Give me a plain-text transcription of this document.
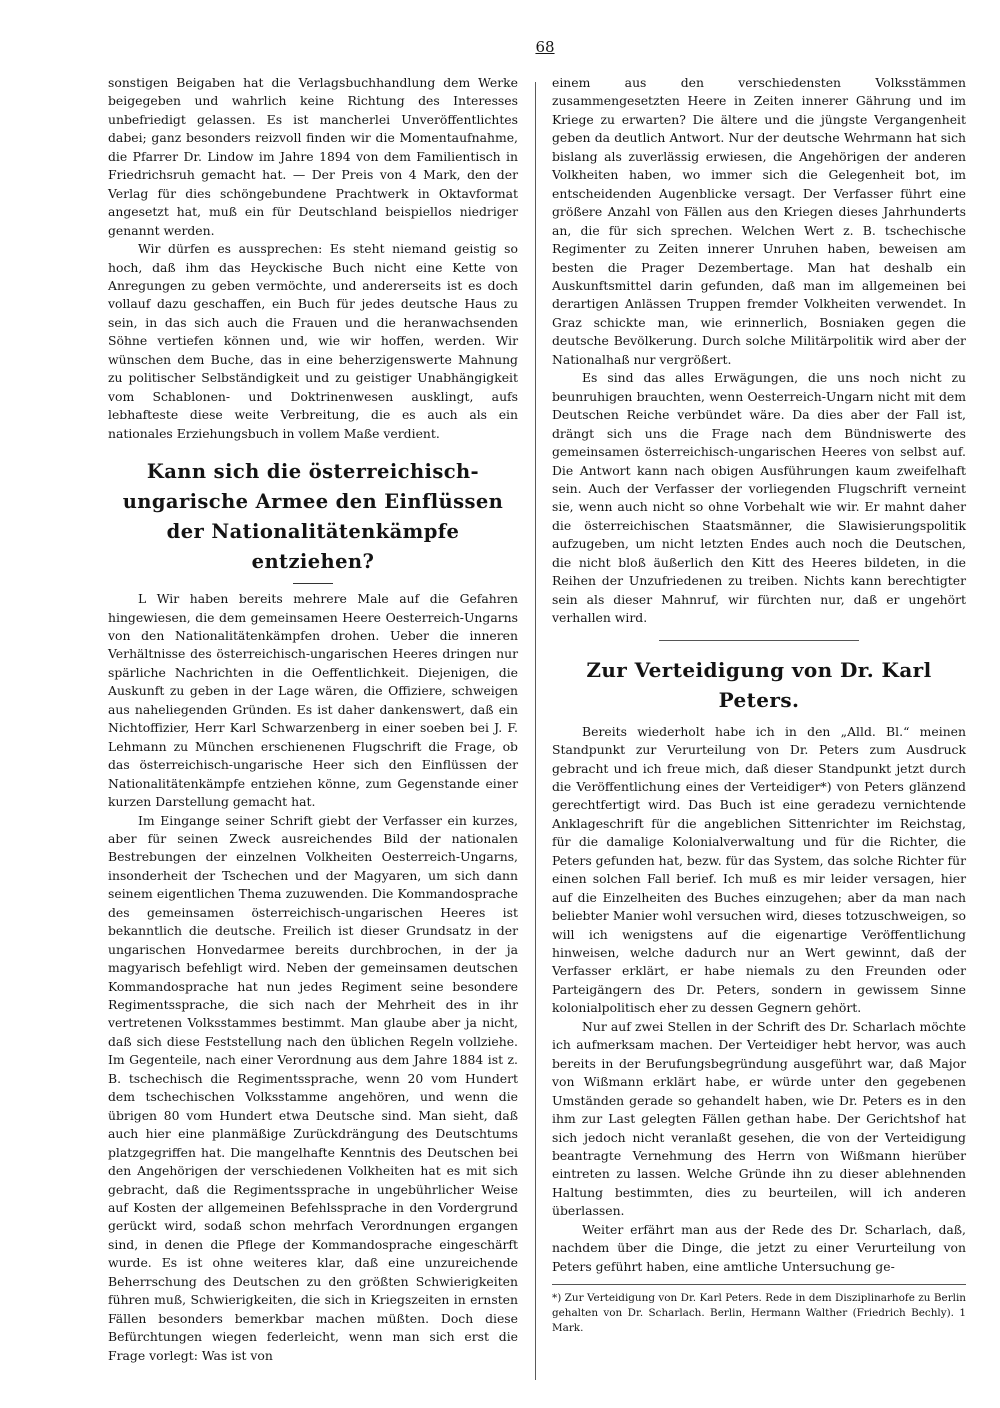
68

sonstigen Beigaben hat die Verlagsbuchhandlung dem Werke beigegeben und wahrlich keine Richtung des Interesses unbefriedigt gelassen. Es ist mancherlei Unveröffentlichtes dabei; ganz besonders reizvoll finden wir die Momentaufnahme, die Pfarrer Dr. Lindow im Jahre 1894 von dem Familientisch in Friedrichsruh gemacht hat. — Der Preis von 4 Mark, den der Verlag für dies schöngebundene Prachtwerk in Oktavformat angesetzt hat, muß ein für Deutschland beispiellos niedriger genannt werden.

Wir dürfen es aussprechen: Es steht niemand geistig so hoch, daß ihm das Heyckische Buch nicht eine Kette von Anregungen zu geben vermöchte, und andererseits ist es doch vollauf dazu geschaffen, ein Buch für jedes deutsche Haus zu sein, in das sich auch die Frauen und die heranwachsenden Söhne vertiefen können und, wie wir hoffen, werden. Wir wünschen dem Buche, das in eine beherzigenswerte Mahnung zu politischer Selbständigkeit und zu geistiger Unabhängigkeit vom Schablonen- und Doktrinenwesen ausklingt, aufs lebhafteste diese weite Verbreitung, die es auch als ein nationales Erziehungsbuch in vollem Maße verdient.

Kann sich die österreichisch-ungarische Armee den Einflüssen der Nationalitätenkämpfe entziehen?

L Wir haben bereits mehrere Male auf die Gefahren hingewiesen, die dem gemeinsamen Heere Oesterreich-Ungarns von den Nationalitätenkämpfen drohen. Ueber die inneren Verhältnisse des österreichisch-ungarischen Heeres dringen nur spärliche Nachrichten in die Oeffentlichkeit. Diejenigen, die Auskunft zu geben in der Lage wären, die Offiziere, schweigen aus naheliegenden Gründen. Es ist daher dankenswert, daß ein Nichtoffizier, Herr Karl Schwarzenberg in einer soeben bei J. F. Lehmann zu München erschienenen Flugschrift die Frage, ob das österreichisch-ungarische Heer sich den Einflüssen der Nationalitätenkämpfe entziehen könne, zum Gegenstande einer kurzen Darstellung gemacht hat.

Im Eingange seiner Schrift giebt der Verfasser ein kurzes, aber für seinen Zweck ausreichendes Bild der nationalen Bestrebungen der einzelnen Volkheiten Oesterreich-Ungarns, insonderheit der Tschechen und der Magyaren, um sich dann seinem eigentlichen Thema zuzuwenden. Die Kommandosprache des gemeinsamen österreichisch-ungarischen Heeres ist bekanntlich die deutsche. Freilich ist dieser Grundsatz in der ungarischen Honvedarmee bereits durchbrochen, in der ja magyarisch befehligt wird. Neben der gemeinsamen deutschen Kommandosprache hat nun jedes Regiment seine besondere Regimentssprache, die sich nach der Mehrheit des in ihr vertretenen Volksstammes bestimmt. Man glaube aber ja nicht, daß sich diese Feststellung nach den üblichen Regeln vollziehe. Im Gegenteile, nach einer Verordnung aus dem Jahre 1884 ist z. B. tschechisch die Regimentssprache, wenn 20 vom Hundert dem tschechischen Volksstamme angehören, und wenn die übrigen 80 vom Hundert etwa Deutsche sind. Man sieht, daß auch hier eine planmäßige Zurückdrängung des Deutschtums platzgegriffen hat. Die mangelhafte Kenntnis des Deutschen bei den Angehörigen der verschiedenen Volkheiten hat es mit sich gebracht, daß die Regimentssprache in ungebührlicher Weise auf Kosten der allgemeinen Befehlssprache in den Vordergrund gerückt wird, sodaß schon mehrfach Verordnungen ergangen sind, in denen die Pflege der Kommandosprache eingeschärft wurde. Es ist ohne weiteres klar, daß eine unzureichende Beherrschung des Deutschen zu den größten Schwierigkeiten führen muß, Schwierigkeiten, die sich in Kriegszeiten in ernsten Fällen besonders bemerkbar machen müßten. Doch diese Befürchtungen wiegen federleicht, wenn man sich erst die Frage vorlegt: Was ist von

einem aus den verschiedensten Volksstämmen zusammengesetzten Heere in Zeiten innerer Gährung und im Kriege zu erwarten? Die ältere und die jüngste Vergangenheit geben da deutlich Antwort. Nur der deutsche Wehrmann hat sich bislang als zuverlässig erwiesen, die Angehörigen der anderen Volkheiten haben, wo immer sich die Gelegenheit bot, im entscheidenden Augenblicke versagt. Der Verfasser führt eine größere Anzahl von Fällen aus den Kriegen dieses Jahrhunderts an, die für sich sprechen. Welchen Wert z. B. tschechische Regimenter zu Zeiten innerer Unruhen haben, beweisen am besten die Prager Dezembertage. Man hat deshalb ein Auskunftsmittel darin gefunden, daß man im allgemeinen bei derartigen Anlässen Truppen fremder Volkheiten verwendet. In Graz schickte man, wie erinnerlich, Bosniaken gegen die deutsche Bevölkerung. Durch solche Militärpolitik wird aber der Nationalhaß nur vergrößert.

Es sind das alles Erwägungen, die uns noch nicht zu beunruhigen brauchten, wenn Oesterreich-Ungarn nicht mit dem Deutschen Reiche verbündet wäre. Da dies aber der Fall ist, drängt sich uns die Frage nach dem Bündniswerte des gemeinsamen österreichisch-ungarischen Heeres von selbst auf. Die Antwort kann nach obigen Ausführungen kaum zweifelhaft sein. Auch der Verfasser der vorliegenden Flugschrift verneint sie, wenn auch nicht so ohne Vorbehalt wie wir. Er mahnt daher die österreichischen Staatsmänner, die Slawisierungspolitik aufzugeben, um nicht letzten Endes auch noch die Deutschen, die nicht bloß äußerlich den Kitt des Heeres bildeten, in die Reihen der Unzufriedenen zu treiben. Nichts kann berechtigter sein als dieser Mahnruf, wir fürchten nur, daß er ungehört verhallen wird.

Zur Verteidigung von Dr. Karl Peters.

Bereits wiederholt habe ich in den „Alld. Bl.“ meinen Standpunkt zur Verurteilung von Dr. Peters zum Ausdruck gebracht und ich freue mich, daß dieser Standpunkt jetzt durch die Veröffentlichung eines der Verteidiger*) von Peters glänzend gerechtfertigt wird. Das Buch ist eine geradezu vernichtende Anklageschrift für die angeblichen Sittenrichter im Reichstag, für die damalige Kolonialverwaltung und für die Richter, die Peters gefunden hat, bezw. für das System, das solche Richter für einen solchen Fall berief. Ich muß es mir leider versagen, hier auf die Einzelheiten des Buches einzugehen; aber da man nach beliebter Manier wohl versuchen wird, dieses totzuschweigen, so will ich wenigstens auf die eigenartige Veröffentlichung hinweisen, welche dadurch nur an Wert gewinnt, daß der Verfasser erklärt, er habe niemals zu den Freunden oder Parteigängern des Dr. Peters, sondern in gewissem Sinne kolonialpolitisch eher zu dessen Gegnern gehört.

Nur auf zwei Stellen in der Schrift des Dr. Scharlach möchte ich aufmerksam machen. Der Verteidiger hebt hervor, was auch bereits in der Berufungsbegründung ausgeführt war, daß Major von Wißmann erklärt habe, er würde unter den gegebenen Umständen gerade so gehandelt haben, wie Dr. Peters es in den ihm zur Last gelegten Fällen gethan habe. Der Gerichtshof hat sich jedoch nicht veranlaßt gesehen, die von der Verteidigung beantragte Vernehmung des Herrn von Wißmann hierüber eintreten zu lassen. Welche Gründe ihn zu dieser ablehnenden Haltung bestimmten, dies zu beurteilen, will ich anderen überlassen.

Weiter erfährt man aus der Rede des Dr. Scharlach, daß, nachdem über die Dinge, die jetzt zu einer Verurteilung von Peters geführt haben, eine amtliche Untersuchung ge-

*) Zur Verteidigung von Dr. Karl Peters. Rede in dem Disziplinarhofe zu Berlin gehalten von Dr. Scharlach. Berlin, Hermann Walther (Friedrich Bechly). 1 Mark.
